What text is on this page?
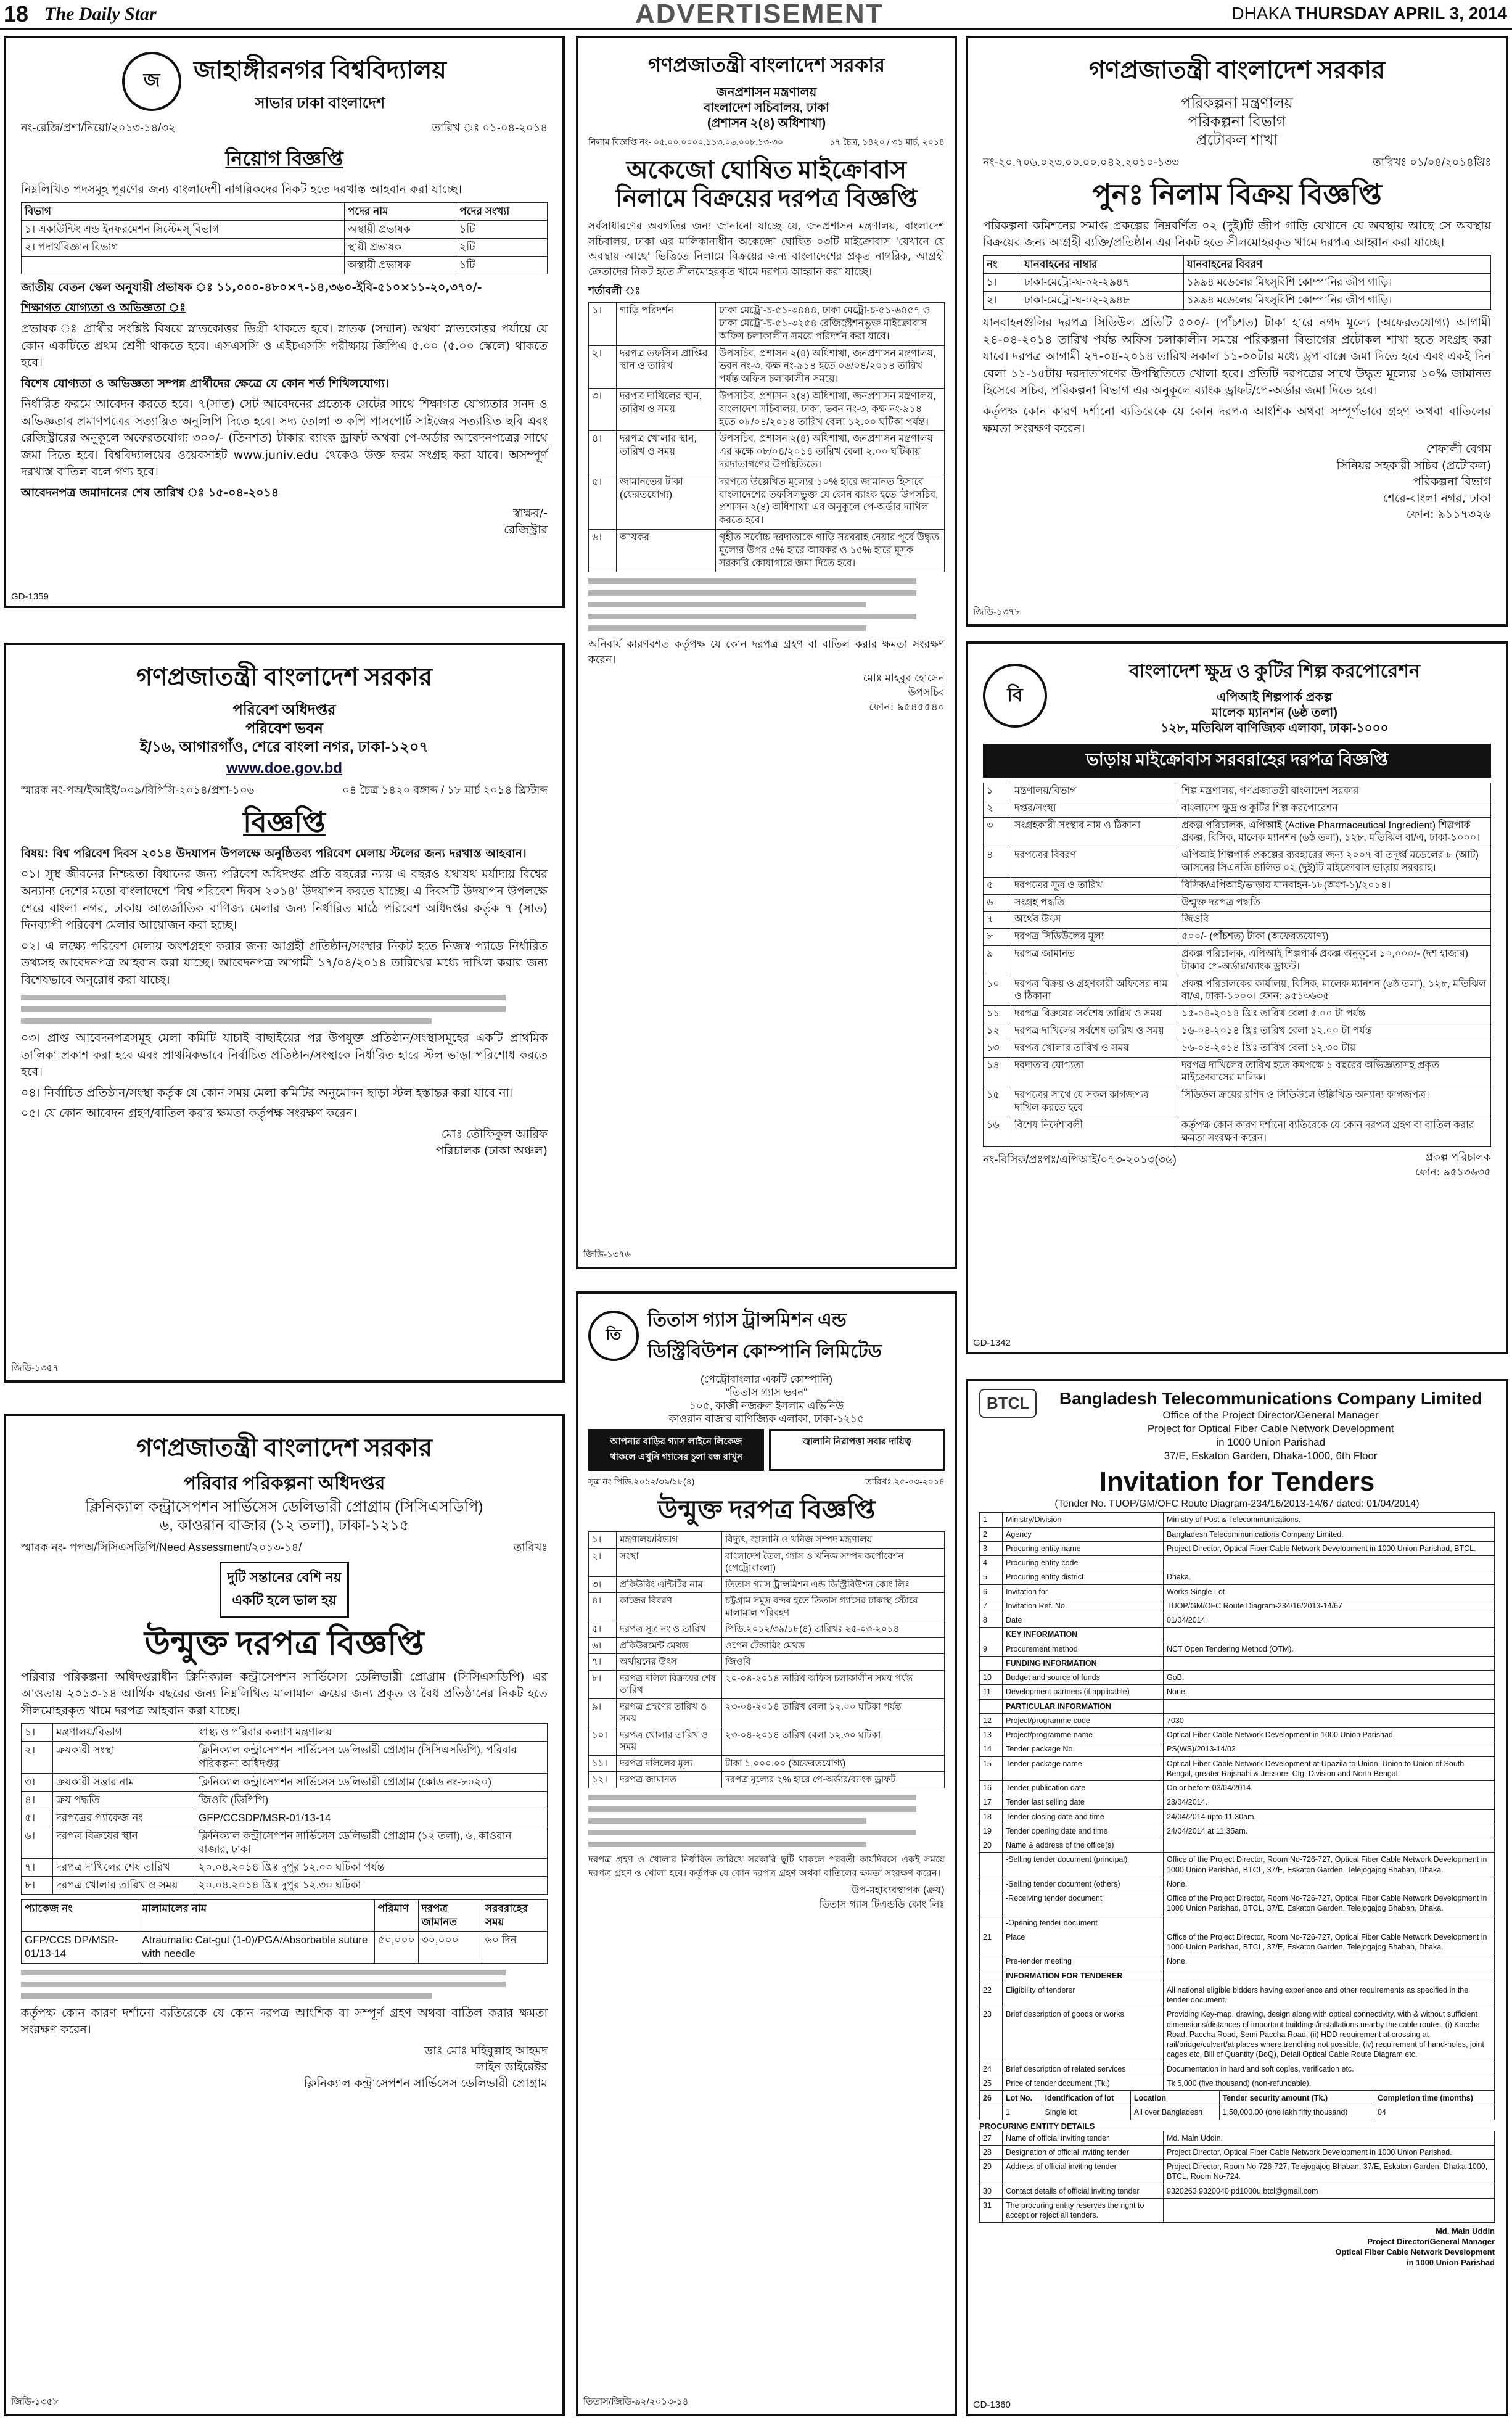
18 The Daily Star	ADVERTISEMENT	DHAKA THURSDAY APRIL 3, 2014
জ	জাহাঙ্গীরনগর বিশ্ববিদ্যালয়
সাভার ঢাকা বাংলাদেশ
নং-রেজি/প্রশা/নিয়ো/২০১৩-১৪/৩২	তারিখ ঃ ০১-০৪-২০১৪
নিয়োগ বিজ্ঞপ্তি

নিম্নলিখিত পদসমূহ পূরণের জন্য বাংলাদেশী নাগরিকদের নিকট হতে দরখাস্ত আহবান করা যাচ্ছে।

বিভাগ	পদের নাম	পদের সংখ্যা
১। একাউন্টিং এন্ড ইনফরমেশন সিস্টেমস্‌ বিভাগ	অস্থায়ী প্রভাষক	১টি
২। পদার্থবিজ্ঞান বিভাগ	স্থায়ী প্রভাষক	২টি
	অস্থায়ী প্রভাষক	১টি

জাতীয় বেতন স্কেল অনুযায়ী প্রভাষক ঃ ১১,০০০-৪৮০×৭-১৪,৩৬০-ইবি-৫১০×১১-২০,৩৭০/-

শিক্ষাগত যোগ্যতা ও অভিজ্ঞতা ঃ

প্রভাষক ঃ প্রার্থীর সংশ্লিষ্ট বিষয়ে স্নাতকোত্তর ডিগ্রী থাকতে হবে। স্নাতক (সম্মান) অথবা স্নাতকোত্তর পর্যায়ে যে কোন একটিতে প্রথম শ্রেণী থাকতে হবে। এসএসসি ও এইচএসসি পরীক্ষায় জিপিএ ৫.০০ (৫.০০ স্কেলে) থাকতে হবে।

বিশেষ যোগ্যতা ও অভিজ্ঞতা সম্পন্ন প্রার্থীদের ক্ষেত্রে যে কোন শর্ত শিথিলযোগ্য।

নির্ধারিত ফরমে আবেদন করতে হবে। ৭(সাত) সেট আবেদনের প্রত্যেক সেটের সাথে শিক্ষাগত যোগ্যতার সনদ ও অভিজ্ঞতার প্রমাণপত্রের সত্যায়িত অনুলিপি দিতে হবে। সদ্য তোলা ৩ কপি পাসপোর্ট সাইজের সত্যায়িত ছবি এবং রেজিস্ট্রারের অনুকূলে অফেরতযোগ্য ৩০০/- (তিনশত) টাকার ব্যাংক ড্রাফট অথবা পে-অর্ডার আবেদনপত্রের সাথে জমা দিতে হবে। বিশ্ববিদ্যালয়ের ওয়েবসাইট www.juniv.edu থেকেও উক্ত ফরম সংগ্রহ করা যাবে। অসম্পূর্ণ দরখাস্ত বাতিল বলে গণ্য হবে।

আবেদনপত্র জমাদানের শেষ তারিখ ঃ ১৫-০৪-২০১৪

স্বাক্ষর/-
রেজিস্ট্রার
GD-1359
গণপ্রজাতন্ত্রী বাংলাদেশ সরকার
পরিবেশ অধিদপ্তর
পরিবেশ ভবন
ই/১৬, আগারগাঁও, শেরে বাংলা নগর, ঢাকা-১২০৭
www.doe.gov.bd
স্মারক নং-পঅ/ইআইই/০০৯/বিপিসি-২০১৪/প্রশা-১০৬	০৪ চৈত্র ১৪২০ বঙ্গাব্দ / ১৮ মার্চ ২০১৪ খ্রিস্টাব্দ
বিজ্ঞপ্তি

বিষয়: বিশ্ব পরিবেশ দিবস ২০১৪ উদযাপন উপলক্ষে অনুষ্ঠিতব্য পরিবেশ মেলায় স্টলের জন্য দরখাস্ত আহবান।

০১। সুস্থ জীবনের নিশ্চয়তা বিধানের জন্য পরিবেশ অধিদপ্তর প্রতি বছরের ন্যায় এ বছরও যথাযথ মর্যাদায় বিশ্বের অন্যান্য দেশের মতো বাংলাদেশে 'বিশ্ব পরিবেশ দিবস ২০১৪' উদযাপন করতে যাচ্ছে। এ দিবসটি উদযাপন উপলক্ষে শেরে বাংলা নগর, ঢাকায় আন্তর্জাতিক বাণিজ্য মেলার জন্য নির্ধারিত মাঠে পরিবেশ অধিদপ্তর কর্তৃক ৭ (সাত) দিনব্যাপী পরিবেশ মেলার আয়োজন করা হচ্ছে।

০২। এ লক্ষ্যে পরিবেশ মেলায় অংশগ্রহণ করার জন্য আগ্রহী প্রতিষ্ঠান/সংস্থার নিকট হতে নিজস্ব প্যাডে নির্ধারিত তথ্যসহ আবেদনপত্র আহবান করা যাচ্ছে। আবেদনপত্র আগামী ১৭/০৪/২০১৪ তারিখের মধ্যে দাখিল করার জন্য বিশেষভাবে অনুরোধ করা যাচ্ছে।

০৩। প্রাপ্ত আবেদনপত্রসমূহ মেলা কমিটি যাচাই বাছাইয়ের পর উপযুক্ত প্রতিষ্ঠান/সংস্থাসমূহের একটি প্রাথমিক তালিকা প্রকাশ করা হবে এবং প্রাথমিকভাবে নির্বাচিত প্রতিষ্ঠান/সংস্থাকে নির্ধারিত হারে স্টল ভাড়া পরিশোধ করতে হবে।

০৪। নির্বাচিত প্রতিষ্ঠান/সংস্থা কর্তৃক যে কোন সময় মেলা কমিটির অনুমোদন ছাড়া স্টল হস্তান্তর করা যাবে না।

০৫। যে কোন আবেদন গ্রহণ/বাতিল করার ক্ষমতা কর্তৃপক্ষ সংরক্ষণ করেন।

মোঃ তৌফিকুল আরিফ
পরিচালক (ঢাকা অঞ্চল)
জিডি-১৩৫৭
গণপ্রজাতন্ত্রী বাংলাদেশ সরকার
পরিবার পরিকল্পনা অধিদপ্তর
ক্লিনিক্যাল কন্ট্রাসেপশন সার্ভিসেস ডেলিভারী প্রোগ্রাম (সিসিএসডিপি)
৬, কাওরান বাজার (১২ তলা), ঢাকা-১২১৫
স্মারক নং- পপঅ/সিসিএসডিপি/Need Assessment/২০১৩-১৪/	তারিখঃ
দুটি সন্তানের বেশি নয়
একটি হলে ভাল হয়
উন্মুক্ত দরপত্র বিজ্ঞপ্তি

পরিবার পরিকল্পনা অধিদপ্তরাধীন ক্লিনিক্যাল কন্ট্রাসেপশন সার্ভিসেস ডেলিভারী প্রোগ্রাম (সিসিএসডিপি) এর আওতায় ২০১৩-১৪ আর্থিক বছরের জন্য নিম্নলিখিত মালামাল ক্রয়ের জন্য প্রকৃত ও বৈধ প্রতিষ্ঠানের নিকট হতে সীলমোহরকৃত খামে দরপত্র আহবান করা যাচ্ছে।

১।	মন্ত্রণালয়/বিভাগ	স্বাস্থ্য ও পরিবার কল্যাণ মন্ত্রণালয়
২।	ক্রয়কারী সংস্থা	ক্লিনিক্যাল কন্ট্রাসেপশন সার্ভিসেস ডেলিভারী প্রোগ্রাম (সিসিএসডিপি), পরিবার পরিকল্পনা অধিদপ্তর
৩।	ক্রয়কারী সত্তার নাম	ক্লিনিক্যাল কন্ট্রাসেপশন সার্ভিসেস ডেলিভারী প্রোগ্রাম (কোড নং-৮০২০)
৪।	ক্রয় পদ্ধতি	জিওবি (ডিপিপি)
৫।	দরপত্রের প্যাকেজ নং	GFP/CCSDP/MSR-01/13-14
৬।	দরপত্র বিক্রয়ের স্থান	ক্লিনিক্যাল কন্ট্রাসেপশন সার্ভিসেস ডেলিভারী প্রোগ্রাম (১২ তলা), ৬, কাওরান বাজার, ঢাকা
৭।	দরপত্র দাখিলের শেষ তারিখ	২০.০৪.২০১৪ খ্রিঃ দুপুর ১২.০০ ঘটিকা পর্যন্ত
৮।	দরপত্র খোলার তারিখ ও সময়	২০.০৪.২০১৪ খ্রিঃ দুপুর ১২.৩০ ঘটিকা
প্যাকেজ নং	মালামালের নাম	পরিমাণ	দরপত্র জামানত	সরবরাহের সময়
GFP/CCS DP/MSR-01/13-14	Atraumatic Cat-gut (1-0)/PGA/Absorbable suture with needle	৫০,০০০	৩০,০০০	৬০ দিন

কর্তৃপক্ষ কোন কারণ দর্শানো ব্যতিরেকে যে কোন দরপত্র আংশিক বা সম্পূর্ণ গ্রহণ অথবা বাতিল করার ক্ষমতা সংরক্ষণ করেন।

ডাঃ মোঃ মহিবুল্লাহ আহমদ
লাইন ডাইরেক্টর
ক্লিনিক্যাল কন্ট্রাসেপশন সার্ভিসেস ডেলিভারী প্রোগ্রাম
জিডি-১৩৫৮
গণপ্রজাতন্ত্রী বাংলাদেশ সরকার
জনপ্রশাসন মন্ত্রণালয়
বাংলাদেশ সচিবালয়, ঢাকা
(প্রশাসন ২(৪) অধিশাখা)
নিলাম বিজ্ঞপ্তি নং- ০৫.০০.০০০০.১১৩.০৬.০০৮.১৩-৩০	১৭ চৈত্র, ১৪২০ / ৩১ মার্চ, ২০১৪
অকেজো ঘোষিত মাইক্রোবাস
নিলামে বিক্রয়ের দরপত্র বিজ্ঞপ্তি

সর্বসাধারণের অবগতির জন্য জানানো যাচ্ছে যে, জনপ্রশাসন মন্ত্রণালয়, বাংলাদেশ সচিবালয়, ঢাকা এর মালিকানাধীন অকেজো ঘোষিত ০৩টি মাইক্রোবাস 'যেখানে যে অবস্থায় আছে' ভিত্তিতে নিলামে বিক্রয়ের জন্য বাংলাদেশের প্রকৃত নাগরিক, আগ্রহী ক্রেতাদের নিকট হতে সীলমোহরকৃত খামে দরপত্র আহ্বান করা যাচ্ছে।

শর্তাবলী ঃ

১।	গাড়ি পরিদর্শন	ঢাকা মেট্রো-চ-৫১-৩৪৪৪, ঢাকা মেট্রো-চ-৫১-৬৪৫৭ ও ঢাকা মেট্রো-চ-৫১-৩২৫৪ রেজিস্ট্রেশনভুক্ত মাইক্রোবাস অফিস চলাকালীন সময়ে পরিদর্শন করা যাবে।
২।	দরপত্র তফসিল প্রাপ্তির স্থান ও তারিখ	উপসচিব, প্রশাসন ২(৪) অধিশাখা, জনপ্রশাসন মন্ত্রণালয়, ভবন নং-৩, কক্ষ নং-৯১৪ হতে ০৬/০৪/২০১৪ তারিখ পর্যন্ত অফিস চলাকালীন সময়ে।
৩।	দরপত্র দাখিলের স্থান, তারিখ ও সময়	উপসচিব, প্রশাসন ২(৪) অধিশাখা, জনপ্রশাসন মন্ত্রণালয়, বাংলাদেশ সচিবালয়, ঢাকা, ভবন নং-৩, কক্ষ নং-৯১৪ হতে ০৮/০৪/২০১৪ তারিখ বেলা ১২.০০ ঘটিকা পর্যন্ত।
৪।	দরপত্র খোলার স্থান, তারিখ ও সময়	উপসচিব, প্রশাসন ২(৪) অধিশাখা, জনপ্রশাসন মন্ত্রণালয় এর কক্ষে ০৮/০৪/২০১৪ তারিখ বেলা ২.০০ ঘটিকায় দরদাতাগণের উপস্থিতিতে।
৫।	জামানতের টাকা (ফেরতযোগ্য)	দরপত্রে উল্লেখিত মূল্যের ১০% হারে জামানত হিসাবে বাংলাদেশের তফসিলভুক্ত যে কোন ব্যাংক হতে 'উপসচিব, প্রশাসন ২(৪) অধিশাখা' এর অনুকূলে পে-অর্ডার দাখিল করতে হবে।
৬।	আয়কর	গৃহীত সর্বোচ্চ দরদাতাকে গাড়ি সরবরাহ নেয়ার পূর্বে উদ্ধৃত মূল্যের উপর ৫% হারে আয়কর ও ১৫% হারে মূসক সরকারি কোষাগারে জমা দিতে হবে।

অনিবার্য কারণবশত কর্তৃপক্ষ যে কোন দরপত্র গ্রহণ বা বাতিল করার ক্ষমতা সংরক্ষণ করেন।

মোঃ মাহবুব হোসেন
উপসচিব
ফোন: ৯৫৪৫৫৪০
জিডি-১৩৭৬
তি
তিতাস গ্যাস ট্রান্সমিশন এন্ড
ডিস্ট্রিবিউশন কোম্পানি লিমিটেড
(পেট্রোবাংলার একটি কোম্পানি)
"তিতাস গ্যাস ভবন"
১০৫, কাজী নজরুল ইসলাম এভিনিউ
কাওরান বাজার বাণিজ্যিক এলাকা, ঢাকা-১২১৫
আপনার বাড়ির গ্যাস লাইনে লিকেজ থাকলে এখুনি গ্যাসের চুলা বন্ধ রাখুন
জ্বালানি নিরাপত্তা সবার দায়িত্ব
সূত্র নং পিডি.২০১২/৩৯/১৮(৪)	তারিখঃ ২৫-০৩-২০১৪
উন্মুক্ত দরপত্র বিজ্ঞপ্তি
১।	মন্ত্রণালয়/বিভাগ	বিদ্যুৎ, জ্বালানি ও খনিজ সম্পদ মন্ত্রণালয়
২।	সংস্থা	বাংলাদেশ তৈল, গ্যাস ও খনিজ সম্পদ কর্পোরেশন (পেট্রোবাংলা)
৩।	প্রকিউরিং এন্টিটির নাম	তিতাস গ্যাস ট্রান্সমিশন এন্ড ডিস্ট্রিবিউশন কোং লিঃ
৪।	কাজের বিবরণ	চট্টগ্রাম সমুদ্র বন্দর হতে তিতাস গ্যাসের ঢাকাস্থ স্টোরে মালামাল পরিবহণ
৫।	দরপত্র সূত্র নং ও তারিখ	পিডি.২০১২/৩৯/১৮(৪) তারিখঃ ২৫-০৩-২০১৪
৬।	প্রকিউরমেন্ট মেথড	ওপেন টেন্ডারিং মেথড
৭।	অর্থায়নের উৎস	জিওবি
৮।	দরপত্র দলিল বিক্রয়ের শেষ তারিখ	২০-০৪-২০১৪ তারিখ অফিস চলাকালীন সময় পর্যন্ত
৯।	দরপত্র গ্রহণের তারিখ ও সময়	২৩-০৪-২০১৪ তারিখ বেলা ১২.০০ ঘটিকা পর্যন্ত
১০।	দরপত্র খোলার তারিখ ও সময়	২৩-০৪-২০১৪ তারিখ বেলা ১২.৩০ ঘটিকা
১১।	দরপত্র দলিলের মূল্য	টাকা ১,০০০.০০ (অফেরতযোগ্য)
১২।	দরপত্র জামানত	দরপত্র মূল্যের ২% হারে পে-অর্ডার/ব্যাংক ড্রাফট

দরপত্র গ্রহণ ও খোলার নির্ধারিত তারিখে সরকারি ছুটি থাকলে পরবর্তী কার্যদিবসে একই সময়ে দরপত্র গ্রহণ ও খোলা হবে। কর্তৃপক্ষ যে কোন দরপত্র গ্রহণ অথবা বাতিলের ক্ষমতা সংরক্ষণ করেন।

উপ-মহাব্যবস্থাপক (ক্রয়)
তিতাস গ্যাস টিএন্ডডি কোং লিঃ
তিতাস/জিডি-৯২/২০১৩-১৪
গণপ্রজাতন্ত্রী বাংলাদেশ সরকার
পরিকল্পনা মন্ত্রণালয়
পরিকল্পনা বিভাগ
প্রটোকল শাখা
নং-২০.৭০৬.০২৩.০০.০০.০৪২.২০১০-১৩৩	তারিখঃ ০১/০৪/২০১৪খ্রিঃ
পুনঃ নিলাম বিক্রয় বিজ্ঞপ্তি

পরিকল্পনা কমিশনের সমাপ্ত প্রকল্পের নিম্নবর্ণিত ০২ (দুই)টি জীপ গাড়ি যেখানে যে অবস্থায় আছে সে অবস্থায় বিক্রয়ের জন্য আগ্রহী ব্যক্তি/প্রতিষ্ঠান এর নিকট হতে সীলমোহরকৃত খামে দরপত্র আহ্বান করা যাচ্ছে।

নং	যানবাহনের নাম্বার	যানবাহনের বিবরণ
১।	ঢাকা-মেট্রো-ঘ-০২-২৯৪৭	১৯৯৪ মডেলের মিৎসুবিশি কোম্পানির জীপ গাড়ি।
২।	ঢাকা-মেট্রো-ঘ-০২-২৯৪৮	১৯৯৪ মডেলের মিৎসুবিশি কোম্পানির জীপ গাড়ি।

যানবাহনগুলির দরপত্র সিডিউল প্রতিটি ৫০০/- (পাঁচশত) টাকা হারে নগদ মূল্যে (অফেরতযোগ্য) আগামী ২৪-০৪-২০১৪ তারিখ পর্যন্ত অফিস চলাকালীন সময়ে পরিকল্পনা বিভাগের প্রটোকল শাখা হতে সংগ্রহ করা যাবে। দরপত্র আগামী ২৭-০৪-২০১৪ তারিখ সকাল ১১-০০টার মধ্যে ড্রপ বাক্সে জমা দিতে হবে এবং একই দিন বেলা ১১-১৫টায় দরদাতাগণের উপস্থিতিতে খোলা হবে। প্রতিটি দরপত্রের সাথে উদ্ধৃত মূল্যের ১০% জামানত হিসেবে সচিব, পরিকল্পনা বিভাগ এর অনুকূলে ব্যাংক ড্রাফট/পে-অর্ডার জমা দিতে হবে।

কর্তৃপক্ষ কোন কারণ দর্শানো ব্যতিরেকে যে কোন দরপত্র আংশিক অথবা সম্পূর্ণভাবে গ্রহণ অথবা বাতিলের ক্ষমতা সংরক্ষণ করেন।

শেফালী বেগম
সিনিয়র সহকারী সচিব (প্রটোকল)
পরিকল্পনা বিভাগ
শেরে-বাংলা নগর, ঢাকা
ফোন: ৯১১৭৩২৬
জিডি-১৩৭৮
বি
বাংলাদেশ ক্ষুদ্র ও কুটির শিল্প করপোরেশন
এপিআই শিল্পপার্ক প্রকল্প
মালেক ম্যানশন (৬ষ্ঠ তলা)
১২৮, মতিঝিল বাণিজ্যিক এলাকা, ঢাকা-১০০০
ভাড়ায় মাইক্রোবাস সরবরাহের দরপত্র বিজ্ঞপ্তি
১	মন্ত্রণালয়/বিভাগ	শিল্প মন্ত্রণালয়, গণপ্রজাতন্ত্রী বাংলাদেশ সরকার
২	দপ্তর/সংস্থা	বাংলাদেশ ক্ষুদ্র ও কুটির শিল্প করপোরেশন
৩	সংগ্রহকারী সংস্থার নাম ও ঠিকানা	প্রকল্প পরিচালক, এপিআই (Active Pharmaceutical Ingredient) শিল্পপার্ক প্রকল্প, বিসিক, মালেক ম্যানশন (৬ষ্ঠ তলা), ১২৮, মতিঝিল বা/এ, ঢাকা-১০০০।
৪	দরপত্রের বিবরণ	এপিআই শিল্পপার্ক প্রকল্পের ব্যবহারের জন্য ২০০৭ বা তদূর্ধ্ব মডেলের ৮ (আট) আসনের সিএনজি চালিত ০২ (দুই)টি মাইক্রোবাস ভাড়ায় সরবরাহ।
৫	দরপত্রের সূত্র ও তারিখ	বিসিক/এপিআই/ভাড়ায় যানবাহন-১৮(অংশ-১)/২০১৪।
৬	সংগ্রহ পদ্ধতি	উন্মুক্ত দরপত্র পদ্ধতি
৭	অর্থের উৎস	জিওবি
৮	দরপত্র সিডিউলের মূল্য	৫০০/- (পাঁচশত) টাকা (অফেরতযোগ্য)
৯	দরপত্র জামানত	প্রকল্প পরিচালক, এপিআই শিল্পপার্ক প্রকল্প অনুকূলে ১০,০০০/- (দশ হাজার) টাকার পে-অর্ডার/ব্যাংক ড্রাফট।
১০	দরপত্র বিক্রয় ও গ্রহণকারী অফিসের নাম ও ঠিকানা	প্রকল্প পরিচালকের কার্যালয়, বিসিক, মালেক ম্যানশন (৬ষ্ঠ তলা), ১২৮, মতিঝিল বা/এ, ঢাকা-১০০০। ফোন: ৯৫১৩৬৩৫
১১	দরপত্র বিক্রয়ের সর্বশেষ তারিখ ও সময়	১৫-০৪-২০১৪ খ্রিঃ তারিখ বেলা ৫.০০ টা পর্যন্ত
১২	দরপত্র দাখিলের সর্বশেষ তারিখ ও সময়	১৬-০৪-২০১৪ খ্রিঃ তারিখ বেলা ১২.০০ টা পর্যন্ত
১৩	দরপত্র খোলার তারিখ ও সময়	১৬-০৪-২০১৪ খ্রিঃ তারিখ বেলা ১২.৩০ টায়
১৪	দরদাতার যোগ্যতা	দরপত্র দাখিলের তারিখ হতে কমপক্ষে ১ বছরের অভিজ্ঞতাসহ প্রকৃত মাইক্রোবাসের মালিক।
১৫	দরপত্রের সাথে যে সকল কাগজপত্র দাখিল করতে হবে	সিডিউল ক্রয়ের রশিদ ও সিডিউলে উল্লিখিত অন্যান্য কাগজপত্র।
১৬	বিশেষ নির্দেশাবলী	কর্তৃপক্ষ কোন কারণ দর্শানো ব্যতিরেকে যে কোন দরপত্র গ্রহণ বা বাতিল করার ক্ষমতা সংরক্ষণ করেন।
নং-বিসিক/প্রঃপঃ/এপিআই/০৭৩-২০১৩(৩৬)	প্রকল্প পরিচালক
ফোন: ৯৫১৩৬৩৫
GD-1342
BTCL	Bangladesh Telecommunications Company Limited
Office of the Project Director/General Manager
Project for Optical Fiber Cable Network Development
in 1000 Union Parishad
37/E, Eskaton Garden, Dhaka-1000, 6th Floor
Invitation for Tenders
(Tender No. TUOP/GM/OFC Route Diagram-234/16/2013-14/67 dated: 01/04/2014)
1	Ministry/Division	Ministry of Post & Telecommunications.
2	Agency	Bangladesh Telecommunications Company Limited.
3	Procuring entity name	Project Director, Optical Fiber Cable Network Development in 1000 Union Parishad, BTCL.
4	Procuring entity code	
5	Procuring entity district	Dhaka.
6	Invitation for	Works Single Lot
7	Invitation Ref. No.	TUOP/GM/OFC Route Diagram-234/16/2013-14/67
8	Date	01/04/2014
	KEY INFORMATION	
9	Procurement method	NCT Open Tendering Method (OTM).
	FUNDING INFORMATION	
10	Budget and source of funds	GoB.
11	Development partners (if applicable)	None.
	PARTICULAR INFORMATION	
12	Project/programme code	7030
13	Project/programme name	Optical Fiber Cable Network Development in 1000 Union Parishad.
14	Tender package No.	PS(WS)/2013-14/02
15	Tender package name	Optical Fiber Cable Network Development at Upazila to Union, Union to Union of South Bengal, greater Rajshahi & Jessore, Ctg. Division and North Bengal.
16	Tender publication date	On or before 03/04/2014.
17	Tender last selling date	23/04/2014.
18	Tender closing date and time	24/04/2014 upto 11.30am.
19	Tender opening date and time	24/04/2014 at 11.35am.
20	Name & address of the office(s)	
	-Selling tender document (principal)	Office of the Project Director, Room No-726-727, Optical Fiber Cable Network Development in 1000 Union Parishad, BTCL, 37/E, Eskaton Garden, Telejogajog Bhaban, Dhaka.
	-Selling tender document (others)	None.
	-Receiving tender document	Office of the Project Director, Room No-726-727, Optical Fiber Cable Network Development in 1000 Union Parishad, BTCL, 37/E, Eskaton Garden, Telejogajog Bhaban, Dhaka.
	-Opening tender document	
21	Place	Office of the Project Director, Room No-726-727, Optical Fiber Cable Network Development in 1000 Union Parishad, BTCL, 37/E, Eskaton Garden, Telejogajog Bhaban, Dhaka.
	Pre-tender meeting	None.
	INFORMATION FOR TENDERER	
22	Eligibility of tenderer	All national eligible bidders having experience and other requirements as specified in the tender document.
23	Brief description of goods or works	Providing Key-map, drawing, design along with optical connectivity, with & without sufficient dimensions/distances of important buildings/installations nearby the cable routes, (i) Kaccha Road, Paccha Road, Semi Paccha Road, (ii) HDD requirement at crossing at rail/bridge/culvert/at places where trenching not possible, (iv) requirement of hand-holes, joint cages etc, Bill of Quantity (BoQ), Detail Optical Cable Route Diagram etc.
24	Brief description of related services	Documentation in hard and soft copies, verification etc.
25	Price of tender document (Tk.)	Tk 5,000 (five thousand) (non-refundable).
26	Lot No.	Identification of lot	Location	Tender security amount (Tk.)	Completion time (months)
	1	Single lot	All over Bangladesh	1,50,000.00 (one lakh fifty thousand)	04
PROCURING ENTITY DETAILS
27	Name of official inviting tender	Md. Main Uddin.
28	Designation of official inviting tender	Project Director, Optical Fiber Cable Network Development in 1000 Union Parishad.
29	Address of official inviting tender	Project Director, Room No-726-727, Telejogajog Bhaban, 37/E, Eskaton Garden, Dhaka-1000, BTCL, Room No-724.
30	Contact details of official inviting tender	9320263 9320040 pd1000u.btcl@gmail.com
31	The procuring entity reserves the right to accept or reject all tenders.	
Md. Main Uddin
Project Director/General Manager
Optical Fiber Cable Network Development
in 1000 Union Parishad
GD-1360
